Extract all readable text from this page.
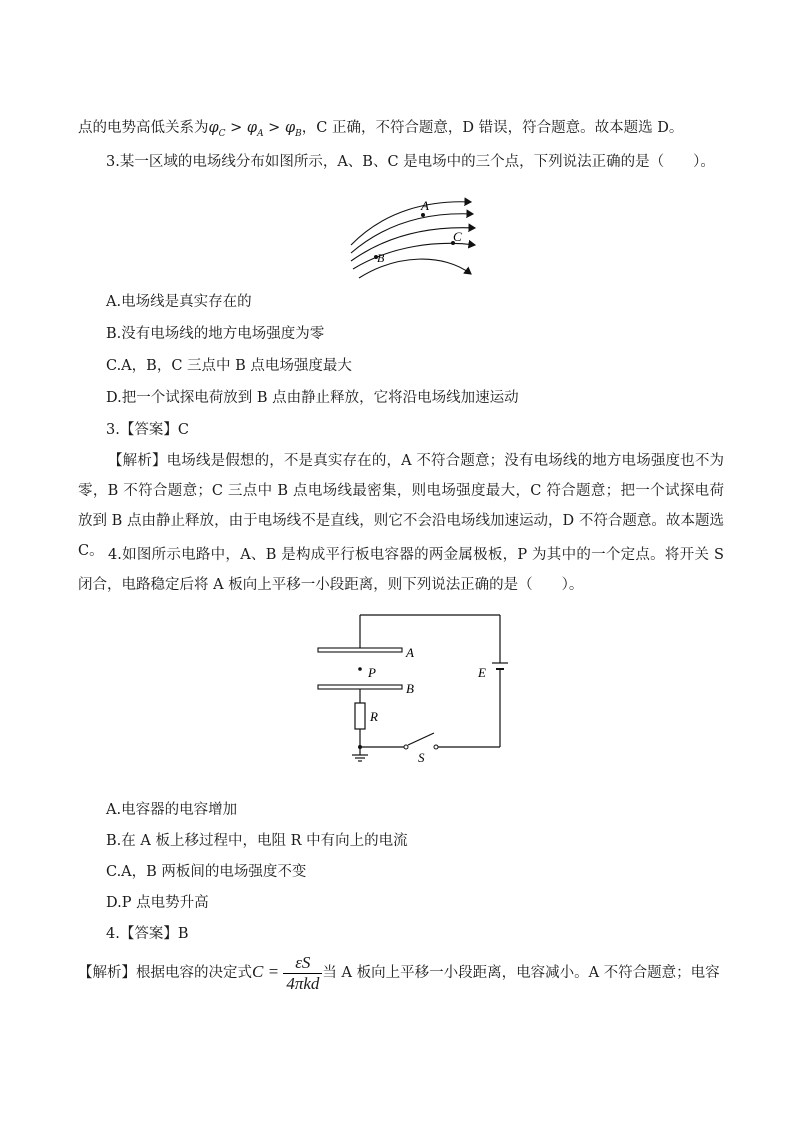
点的电势高低关系为$\varphi_C > \varphi_A > \varphi_B$，C 正确，不符合题意，D 错误，符合题意。故本题选 D。
3.某一区域的电场线分布如图所示，A、B、C 是电场中的三个点，下列说法正确的是（　　）。
A
C
B
A.电场线是真实存在的
B.没有电场线的地方电场强度为零
C.A，B，C 三点中 B 点电场强度最大
D.把一个试探电荷放到 B 点由静止释放，它将沿电场线加速运动
3.【答案】C
【解析】电场线是假想的，不是真实存在的，A 不符合题意；没有电场线的地方电场强度也不为零，B 不符合题意；C 三点中 B 点电场线最密集，则电场强度最大，C 符合题意；把一个试探电荷放到 B 点由静止释放，由于电场线不是直线，则它不会沿电场线加速运动，D 不符合题意。故本题选 C。 4.如图所示电路中，A、B 是构成平行板电容器的两金属极板，P 为其中的一个定点。将开关 S 闭合，电路稳定后将 A 板向上平移一小段距离，则下列说法正确的是（　　）。
A
B
P
R
E
S
A.电容器的电容增加
B.在 A 板上移过程中，电阻 R 中有向上的电流
C.A，B 两板间的电场强度不变
D.P 点电势升高
4.【答案】B
【解析】根据电容的决定式$C = \frac{\varepsilon S}{\text{4πkd}}$ 当 A 板向上平移一小段距离，电容减小。A 不符合题意；电容
